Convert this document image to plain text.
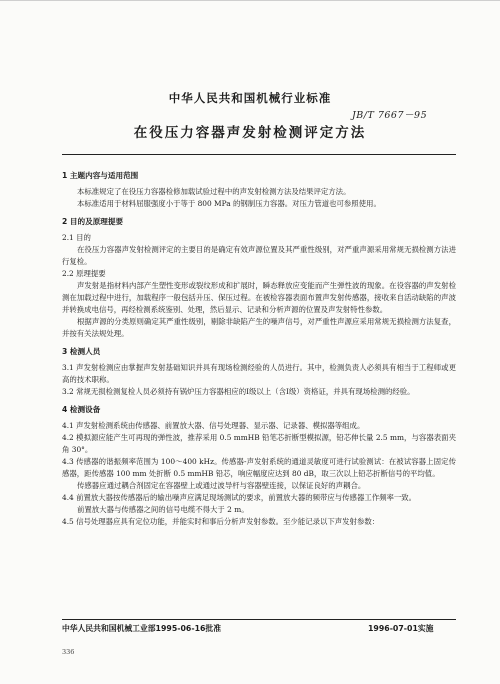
中华人民共和国机械行业标准
JB/T 7667－95
在役压力容器声发射检测评定方法
1 主题内容与适用范围
本标准规定了在役压力容器检修加载试验过程中的声发射检测方法及结果评定方法。
本标准适用于材料屈服强度小于等于 800 MPa 的钢制压力容器。对压力管道也可参照使用。
2 目的及原理提要
2.1 目的
在役压力容器声发射检测评定的主要目的是确定有效声源位置及其严重性级别，对严重声源采用常规无损检测方法进行复检。
2.2 原理提要
声发射是指材料内部产生塑性变形或裂纹形成和扩展时，瞬态释放应变能而产生弹性波的现象。在役容器的声发射检测在加载过程中进行，加载程序一般包括升压、保压过程。在被检容器表面布置声发射传感器，接收来自活动缺陷的声波并转换成电信号，再经检测系统鉴别、处理，然后显示、记录和分析声源的位置及声发射特性参数。
根据声源的分类原则确定其严重性级别，剔除非缺陷产生的噪声信号，对严重性声源应采用常规无损检测方法复查，并按有关法规处理。
3 检测人员
3.1 声发射检测应由掌握声发射基础知识并具有现场检测经验的人员进行。其中，检测负责人必须具有相当于工程师或更高的技术职称。
3.2 常规无损检测复检人员必须持有锅炉压力容器相应的Ⅰ级以上（含Ⅰ级）资格证，并具有现场检测的经验。
4 检测设备
4.1 声发射检测系统由传感器、前置放大器、信号处理器、显示器、记录器、模拟器等组成。
4.2 模拟源应能产生可再现的弹性波，推荐采用 0.5 mmHB 铅笔芯折断型模拟源，铅芯伸长量 2.5 mm，与容器表面夹角 30°。
4.3 传感器的谐振频率范围为 100～400 kHz。传感器-声发射系统的通道灵敏度可进行试验测试：在被试容器上固定传感器，距传感器 100 mm 处折断 0.5 mmHB 铅芯，响应幅度应达到 80 dB，取三次以上铅芯折断信号的平均值。
传感器应通过耦合剂固定在容器壁上或通过波导杆与容器壁连接，以保证良好的声耦合。
4.4 前置放大器按传感器后的输出噪声应满足现场测试的要求，前置放大器的频带应与传感器工作频率一致。
前置放大器与传感器之间的信号电缆不得大于 2 m。
4.5 信号处理器应具有定位功能，并能实时和事后分析声发射参数。至少能记录以下声发射参数：
中华人民共和国机械工业部1995-06-16批准	1996-07-01实施
336
